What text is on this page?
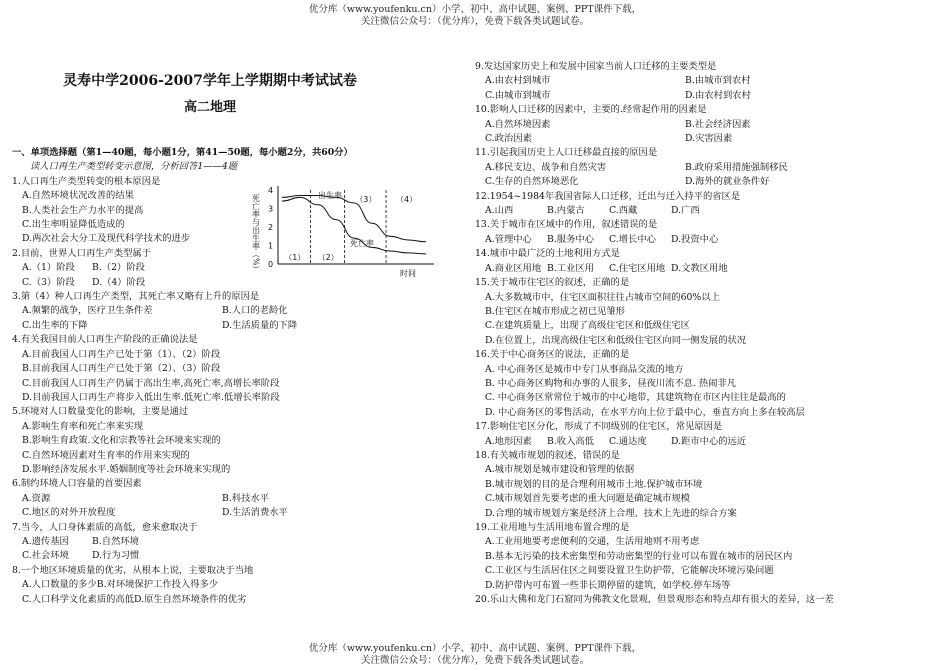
优分库（www.youfenku.cn）小学、初中、高中试题、案例、PPT课件下载，
关注微信公众号：（优分库），免费下载各类试题试卷。
灵寿中学2006-2007学年上学期期中考试试卷
高二地理
一、单项选择题（第1—40题，每小题1分，第41—50题，每小题2分，共60分）
读人口再生产类型转变示意图，分析回答1——4题
1.人口再生产类型转变的根本原因是
A.自然环境状况改善的结果
B.人类社会生产力水平的提高
C.出生率明显降低造成的
D.两次社会大分工及现代科学技术的进步
2.目前，世界人口再生产类型属于
A.（1）阶段 B.（2）阶段
C.（3）阶段 D.（4）阶段
3.第（4）种人口再生产类型，其死亡率又略有上升的原因是
A.频繁的战争，医疗卫生条件差	B.人口的老龄化
C.出生率的下降	D.生活质量的下降
4.有关我国目前人口再生产阶段的正确说法是
A.目前我国人口再生产已处于第（1）、（2）阶段
B.目前我国人口再生产已处于第（2）、（3）阶段
C.目前我国人口再生产仍属于高出生率,高死亡率,高增长率阶段
D.目前我国人口再生产将步入低出生率.低死亡率.低增长率阶段
5.环境对人口数量变化的影响，主要是通过
A.影响生育率和死亡率来实现
B.影响生育政策.文化和宗教等社会环境来实现的
C.自然环境因素对生育率的作用来实现的
D.影响经济发展水平.婚姻制度等社会环境来实现的
6.制约环境人口容量的首要因素
A.资源	B.科技水平
C.地区的对外开放程度	D.生活消费水平
7.当今，人口身体素质的高低，愈来愈取决于
A.遗传基因 B.自然环境
C.社会环境 D.行为习惯
8.一个地区环境质量的优劣，从根本上说，主要取决于当地
A.人口数量的多少B.对环境保护工作投入得多少
C.人口科学文化素质的高低D.原生自然环境条件的优劣
4
3
2
1
0
死亡率与出生率（%）	时间
（1） （2）
（3） （4）
出生率
死亡率
9.发达国家历史上和发展中国家当前人口迁移的主要类型是
A.由农村到城市	B.由城市到农村
C.由城市到城市	D.由农村到农村
10.影响人口迁移的因素中，主要的.经常起作用的因素是
A.自然环境因素	B.社会经济因素
C.政治因素	D.灾害因素
11.引起我国历史上人口迁移最直接的原因是
A.移民支边、战争和自然灾害	B.政府采用措施强制移民
C.生存的自然环境恶化	D.海外的就业条件好
12.1954~1984年我国省际人口迁移，迁出与迁入持平的省区是
A.山西	B.内蒙古	C.西藏	D.广西
13.关于城市在区域中的作用，叙述错误的是
A.管理中心 B.服务中心 C.增长中心 D.投资中心
14.城市中最广泛的土地利用方式是
A.商业区用地 B.工业区用 C.住宅区用地 D.文教区用地
15.关于城市住宅区的叙述，正确的是
A.大多数城市中，住宅区面积往往占城市空间的60%以上
B.住宅区在城市形成之初已见雏形
C.在建筑质量上，出现了高级住宅区和低级住宅区
D.在位置上，出现高级住宅区和低级住宅区向同一侧发展的状况
16.关于中心商务区的说法，正确的是
A. 中心商务区是城市中专门从事商品交流的地方
B. 中心商务区购物和办事的人很多，昼夜川流不息. 热闹非凡
C. 中心商务区常常位于城市的中心地带，其建筑物在市区内往往是最高的
D. 中心商务区的零售活动，在水平方向上位于最中心，垂直方向上多在较高层
17.影响住宅区分化，形成了不同级别的住宅区，常见原因是
A.地形因素 B.收入高低 C.通达度	D.距市中心的远近
18.有关城市规划的叙述，错误的是
A.城市规划是城市建设和管理的依据
B.城市规划的目的是合理利用城市土地.保护城市环境
C.城市规划首先要考虑的重大问题是确定城市规模
D.合理的城市规划方案是经济上合理、技术上先进的综合方案
19.工业用地与生活用地布置合理的是
A.工业用地要考虑便利的交通，生活用地则不用考虑
B.基本无污染的技术密集型和劳动密集型的行业可以布置在城市的居民区内
C.工业区与生活居住区之间要设置卫生防护带，它能解决环境污染问题
D.防护带内可布置一些非长期停留的建筑，如学校.停车场等
20.乐山大佛和龙门石窟同为佛教文化景观，但景观形态和特点却有很大的差异，这一差
优分库（www.youfenku.cn）小学、初中、高中试题、案例、PPT课件下载，
关注微信公众号：（优分库），免费下载各类试题试卷。
